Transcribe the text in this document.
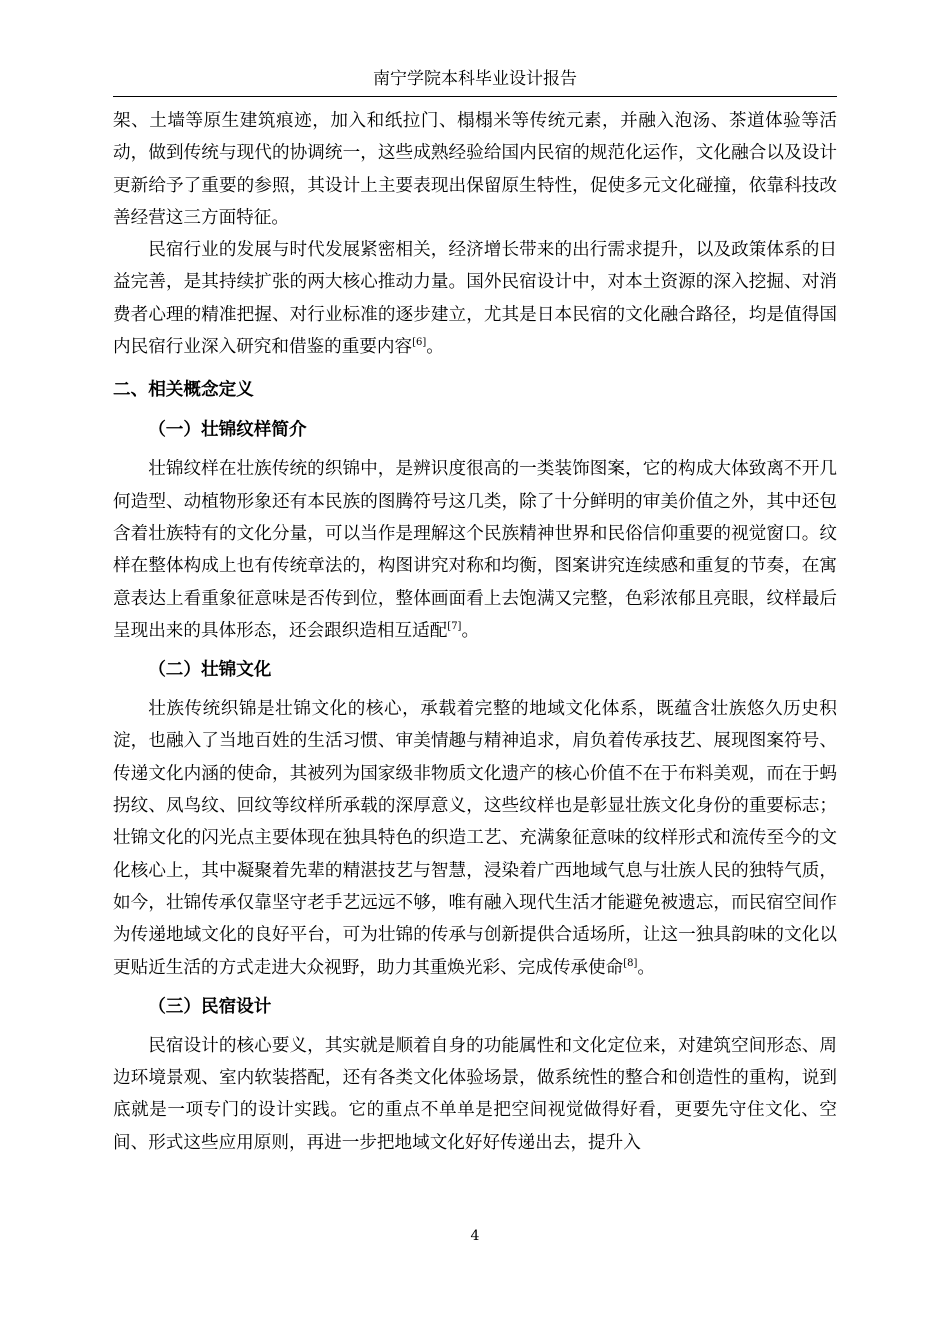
南宁学院本科毕业设计报告

架、土墙等原生建筑痕迹，加入和纸拉门、榻榻米等传统元素，并融入泡汤、茶道体验等活动，做到传统与现代的协调统一，这些成熟经验给国内民宿的规范化运作，文化融合以及设计更新给予了重要的参照，其设计上主要表现出保留原生特性，促使多元文化碰撞，依靠科技改善经营这三方面特征。

民宿行业的发展与时代发展紧密相关，经济增长带来的出行需求提升，以及政策体系的日益完善，是其持续扩张的两大核心推动力量。国外民宿设计中，对本土资源的深入挖掘、对消费者心理的精准把握、对行业标准的逐步建立，尤其是日本民宿的文化融合路径，均是值得国内民宿行业深入研究和借鉴的重要内容[6]。

二、相关概念定义
（一）壮锦纹样简介

壮锦纹样在壮族传统的织锦中，是辨识度很高的一类装饰图案，它的构成大体致离不开几何造型、动植物形象还有本民族的图腾符号这几类，除了十分鲜明的审美价值之外，其中还包含着壮族特有的文化分量，可以当作是理解这个民族精神世界和民俗信仰重要的视觉窗口。纹样在整体构成上也有传统章法的，构图讲究对称和均衡，图案讲究连续感和重复的节奏，在寓意表达上看重象征意味是否传到位，整体画面看上去饱满又完整，色彩浓郁且亮眼，纹样最后呈现出来的具体形态，还会跟织造相互适配[7]。

（二）壮锦文化

壮族传统织锦是壮锦文化的核心，承载着完整的地域文化体系，既蕴含壮族悠久历史积淀，也融入了当地百姓的生活习惯、审美情趣与精神追求，肩负着传承技艺、展现图案符号、传递文化内涵的使命，其被列为国家级非物质文化遗产的核心价值不在于布料美观，而在于蚂拐纹、凤鸟纹、回纹等纹样所承载的深厚意义，这些纹样也是彰显壮族文化身份的重要标志；壮锦文化的闪光点主要体现在独具特色的织造工艺、充满象征意味的纹样形式和流传至今的文化核心上，其中凝聚着先辈的精湛技艺与智慧，浸染着广西地域气息与壮族人民的独特气质，如今，壮锦传承仅靠坚守老手艺远远不够，唯有融入现代生活才能避免被遗忘，而民宿空间作为传递地域文化的良好平台，可为壮锦的传承与创新提供合适场所，让这一独具韵味的文化以更贴近生活的方式走进大众视野，助力其重焕光彩、完成传承使命[8]。

（三）民宿设计

民宿设计的核心要义，其实就是顺着自身的功能属性和文化定位来，对建筑空间形态、周边环境景观、室内软装搭配，还有各类文化体验场景，做系统性的整合和创造性的重构，说到底就是一项专门的设计实践。它的重点不单单是把空间视觉做得好看，更要先守住文化、空间、形式这些应用原则，再进一步把地域文化好好传递出去，提升入

4
